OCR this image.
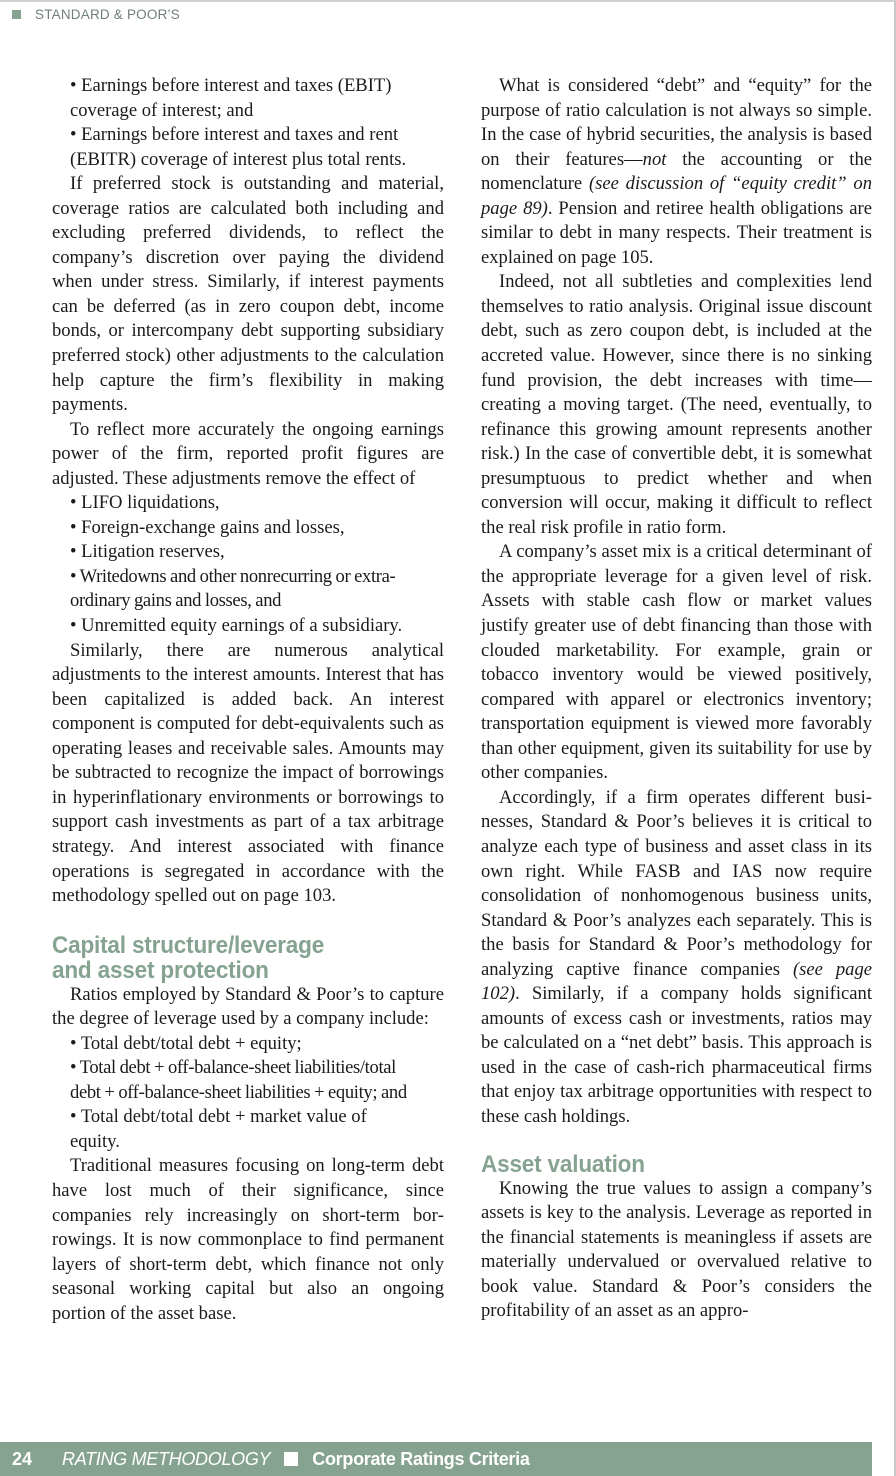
STANDARD & POOR’S
• Earnings before interest and taxes (EBIT)
coverage of interest; and
• Earnings before interest and taxes and rent
(EBITR) coverage of interest plus total rents.

If preferred stock is outstanding and material, coverage ratios are calculated both including and excluding preferred dividends, to reflect the company’s discretion over paying the dividend when under stress. Similarly, if interest payments can be deferred (as in zero coupon debt, income bonds, or intercompany debt supporting subsidiary preferred stock) other adjustments to the calculation help capture the firm’s flexibility in making payments.

To reflect more accurately the ongoing earnings power of the firm, reported profit figures are adjusted. These adjustments remove the effect of

• LIFO liquidations,
• Foreign-exchange gains and losses,
• Litigation reserves,
• Writedowns and other nonrecurring or extra-
ordinary gains and losses, and
• Unremitted equity earnings of a subsidiary.

Similarly, there are numerous analytical adjustments to the interest amounts. Interest that has been capitalized is added back. An interest component is computed for debt-equivalents such as operating leases and receivable sales. Amounts may be subtracted to recognize the impact of borrowings in hyperinflationary environments or borrowings to support cash investments as part of a tax arbitrage strategy. And interest associated with finance operations is segregated in accordance with the methodology spelled out on page 103.

Capital structure/leverage
and asset protection

Ratios employed by Standard & Poor’s to capture the degree of leverage used by a company include:

• Total debt/total debt + equity;
• Total debt + off-balance-sheet liabilities/total
debt + off-balance-sheet liabilities + equity; and
• Total debt/total debt + market value of
equity.

Traditional measures focusing on long-term debt have lost much of their significance, since companies rely increasingly on short-term borrowings. It is now commonplace to find permanent layers of short-term debt, which finance not only seasonal working capital but also an ongoing portion of the asset base.

What is considered “debt” and “equity” for the purpose of ratio calculation is not always so simple. In the case of hybrid securities, the analysis is based on their features—not the accounting or the nomenclature (see discussion of “equity credit” on page 89). Pension and retiree health obligations are similar to debt in many respects. Their treatment is explained on page 105.

Indeed, not all subtleties and complexities lend themselves to ratio analysis. Original issue discount debt, such as zero coupon debt, is included at the accreted value. However, since there is no sinking fund provision, the debt increases with time—creating a moving target. (The need, eventually, to refinance this growing amount represents another risk.) In the case of convertible debt, it is somewhat presumptuous to predict whether and when conversion will occur, making it difficult to reflect the real risk profile in ratio form.

A company’s asset mix is a critical determinant of the appropriate leverage for a given level of risk. Assets with stable cash flow or market values justify greater use of debt financing than those with clouded marketability. For example, grain or tobacco inventory would be viewed positively, compared with apparel or electronics inventory; transportation equipment is viewed more favorably than other equipment, given its suitability for use by other companies.

Accordingly, if a firm operates different businesses, Standard & Poor’s believes it is critical to analyze each type of business and asset class in its own right. While FASB and IAS now require consolidation of nonhomogenous business units, Standard & Poor’s analyzes each separately. This is the basis for Standard & Poor’s methodology for analyzing captive finance companies (see page 102). Similarly, if a company holds significant amounts of excess cash or investments, ratios may be calculated on a “net debt” basis. This approach is used in the case of cash-rich pharmaceutical firms that enjoy tax arbitrage opportunities with respect to these cash holdings.

Asset valuation

Knowing the true values to assign a company’s assets is key to the analysis. Leverage as reported in the financial statements is meaningless if assets are materially undervalued or overvalued relative to book value. Standard & Poor’s considers the profitability of an asset as an appro-

24	RATING METHODOLOGY Corporate Ratings Criteria
